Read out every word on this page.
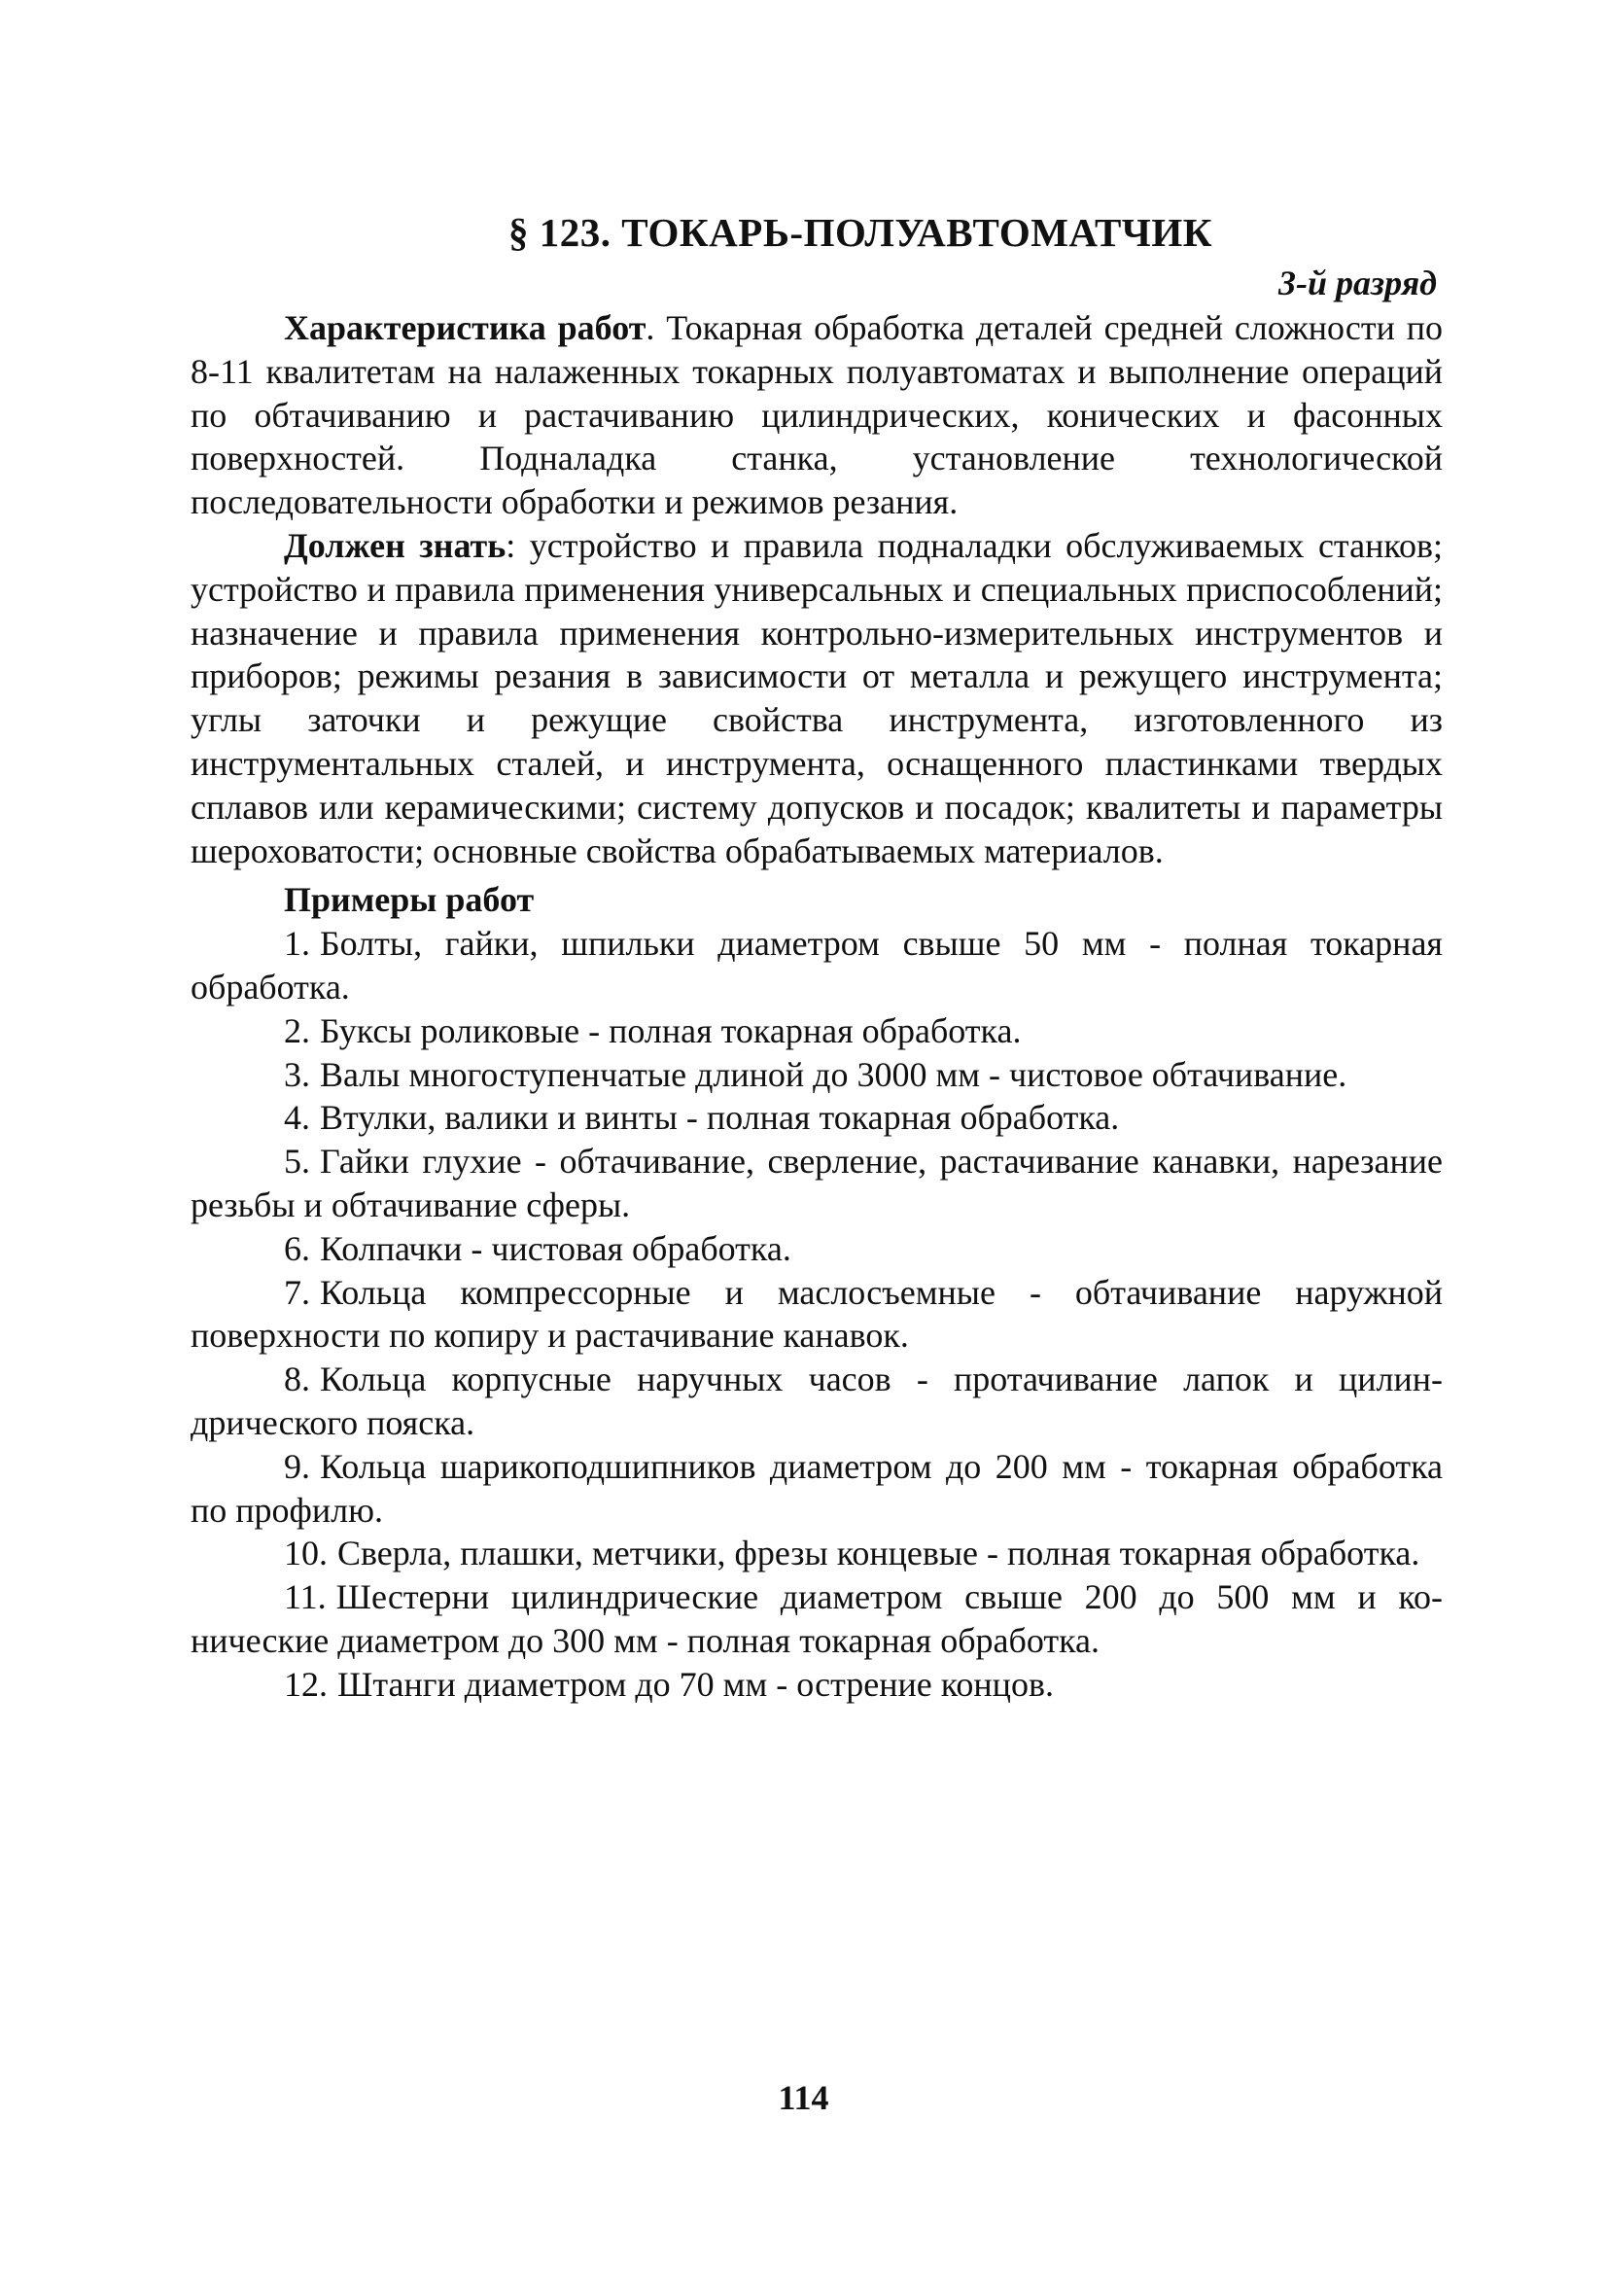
§ 123. ТОКАРЬ-ПОЛУАВТОМАТЧИК
3-й разряд

Характеристика работ. Токарная обработка деталей средней сложности по 8-11 квалитетам на налаженных токарных полуавтоматах и выполнение операций по обтачиванию и растачиванию цилиндрических, конических и фасонных поверхностей. Подналадка станка, установление технологической последовательности обработки и режимов резания.

Должен знать: устройство и правила подналадки обслуживаемых станков; устройство и правила применения универсальных и специальных приспособлений; назначение и правила применения контрольно-измерительных инструментов и приборов; режимы резания в зависимости от металла и режущего инструмента; углы заточки и режущие свойства инструмента, изготовленного из инструментальных сталей, и инструмента, оснащенного пластинками твердых сплавов или керамическими; систему допусков и посадок; квалитеты и параметры шероховатости; основные свойства обрабатываемых материалов.

Примеры работ

1. Болты, гайки, шпильки диаметром свыше 50 мм - полная токарная обработка.

2. Буксы роликовые - полная токарная обработка.

3. Валы многоступенчатые длиной до 3000 мм - чистовое обтачивание.

4. Втулки, валики и винты - полная токарная обработка.

5. Гайки глухие - обтачивание, сверление, растачивание канавки, нарезание резьбы и обтачивание сферы.

6. Колпачки - чистовая обработка.

7. Кольца компрессорные и маслосъемные - обтачивание наружной поверхности по копиру и растачивание канавок.

8. Кольца корпусные наручных часов - протачивание лапок и цилиндрического пояска.

9. Кольца шарикоподшипников диаметром до 200 мм - токарная обработка по профилю.

10. Сверла, плашки, метчики, фрезы концевые - полная токарная обработка.

11. Шестерни цилиндрические диаметром свыше 200 до 500 мм и конические диаметром до 300 мм - полная токарная обработка.

12. Штанги диаметром до 70 мм - острение концов.

114
